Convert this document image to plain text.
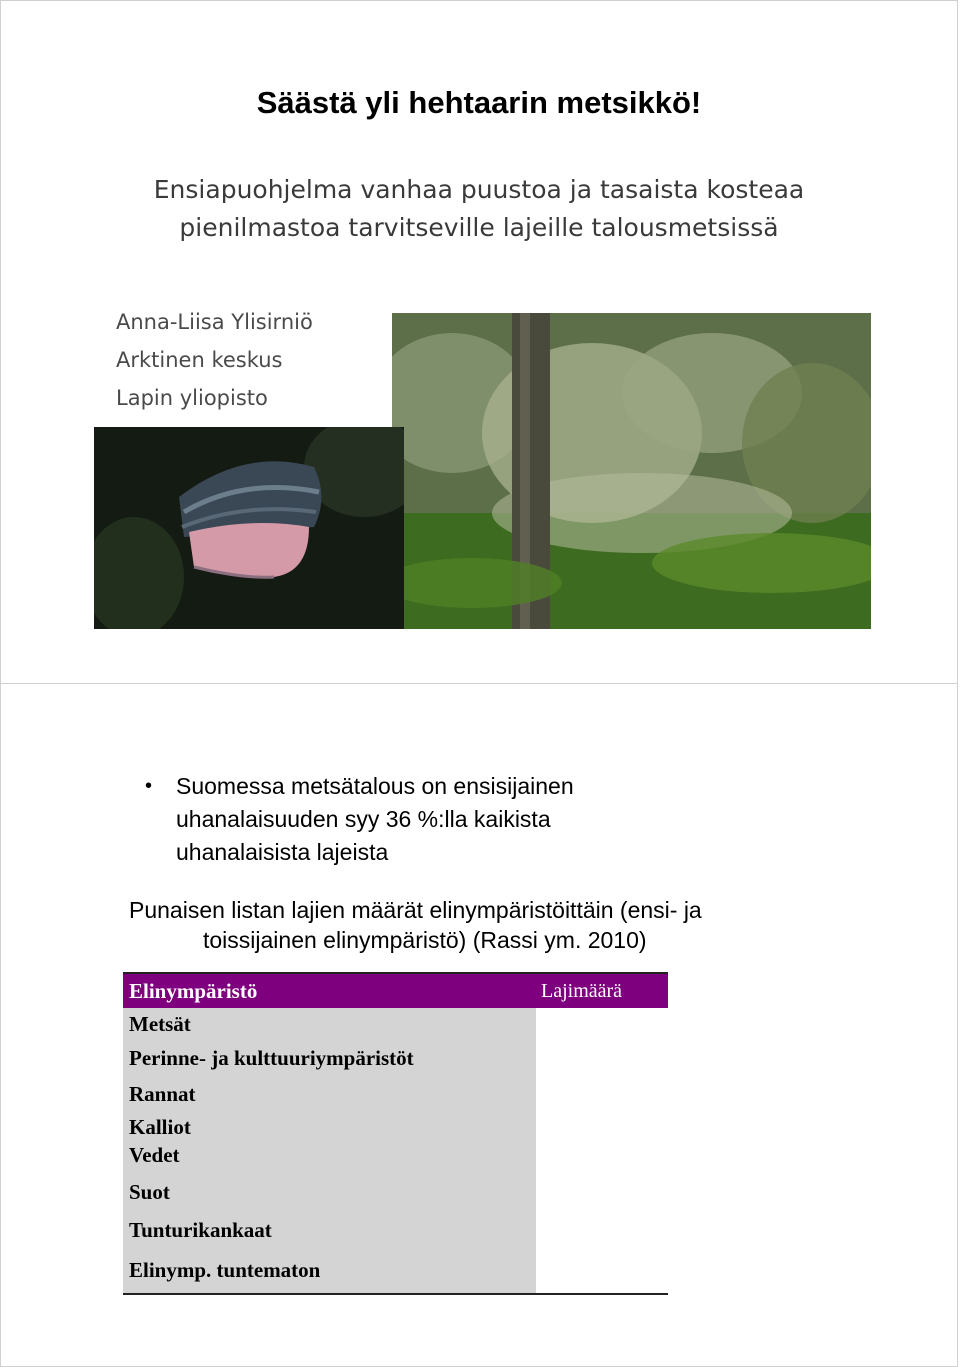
Säästä yli hehtaarin metsikkö!
Ensiapuohjelma vanhaa puustoa ja tasaista kosteaa
pienilmastoa tarvitseville lajeille talousmetsissä
Anna-Liisa Ylisirniö
Arktinen keskus
Lapin yliopisto
• Suomessa metsätalous on ensisijainen
uhanalaisuuden syy 36 %:lla kaikista
uhanalaisista lajeista
Punaisen listan lajien määrät elinympäristöittäin (ensi- ja
toissijainen elinympäristö) (Rassi ym. 2010)
Elinympäristö	Lajimäärä
Metsät
Perinne- ja kulttuuriympäristöt
Rannat
Kalliot
Vedet
Suot
Tunturikankaat
Elinymp. tuntematon
